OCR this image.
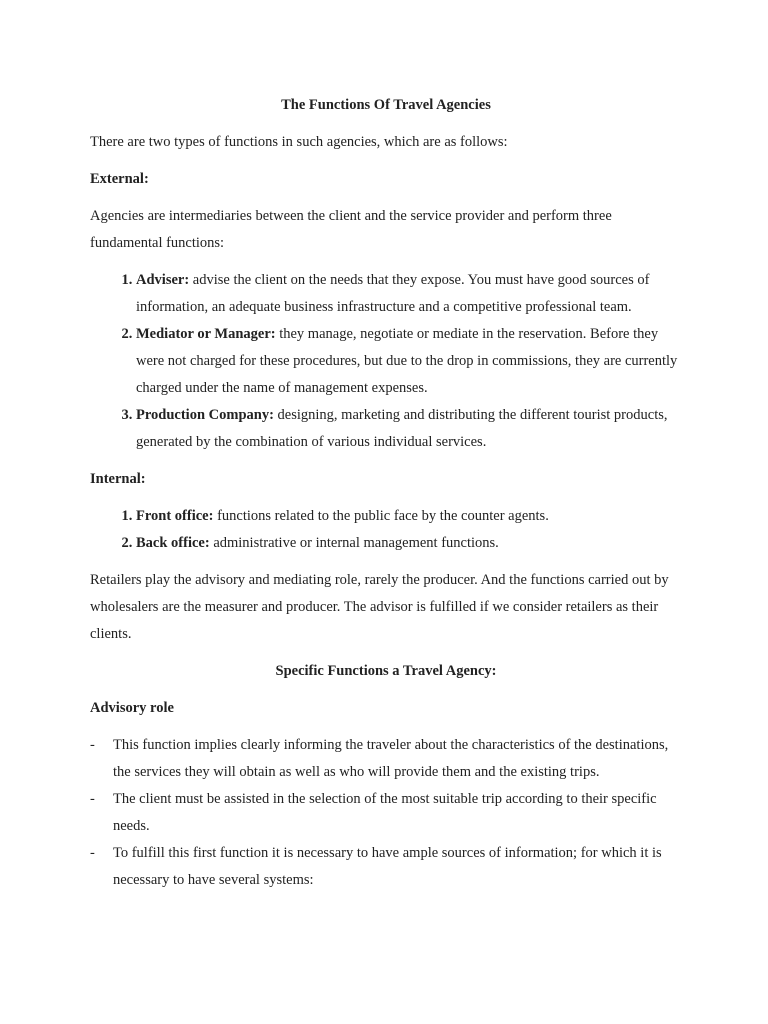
The Functions Of Travel Agencies

There are two types of functions in such agencies, which are as follows:

External:

Agencies are intermediaries between the client and the service provider and perform three fundamental functions:

1. Adviser: advise the client on the needs that they expose. You must have good sources of information, an adequate business infrastructure and a competitive professional team.
2. Mediator or Manager: they manage, negotiate or mediate in the reservation. Before they were not charged for these procedures, but due to the drop in commissions, they are currently charged under the name of management expenses.
3. Production Company: designing, marketing and distributing the different tourist products, generated by the combination of various individual services.

Internal:

1. Front office: functions related to the public face by the counter agents.
2. Back office: administrative or internal management functions.

Retailers play the advisory and mediating role, rarely the producer. And the functions carried out by wholesalers are the measurer and producer. The advisor is fulfilled if we consider retailers as their clients.

Specific Functions a Travel Agency:

Advisory role

- This function implies clearly informing the traveler about the characteristics of the destinations, the services they will obtain as well as who will provide them and the existing trips.
- The client must be assisted in the selection of the most suitable trip according to their specific needs.
- To fulfill this first function it is necessary to have ample sources of information; for which it is necessary to have several systems:
